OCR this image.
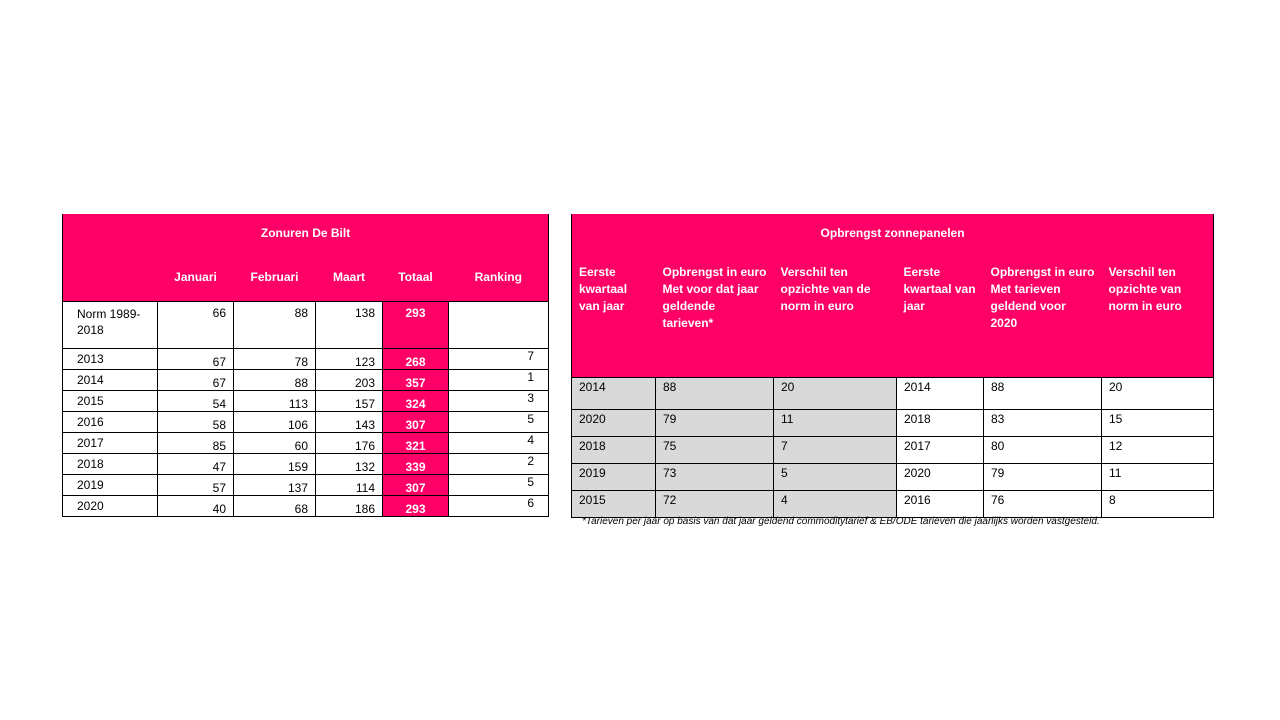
Zonuren De Bilt					
	Januari	Februari	Maart	Totaal	Ranking
Norm 1989-2018	66	88	138	293	
2013	67	78	123	268	7
2014	67	88	203	357	1
2015	54	113	157	324	3
2016	58	106	143	307	5
2017	85	60	176	321	4
2018	47	159	132	339	2
2019	57	137	114	307	5
2020	40	68	186	293	6
Opbrengst zonnepanelen					
Eerste kwartaal van jaar	Opbrengst in euro Met voor dat jaar geldende tarieven*	Verschil ten opzichte van de norm in euro	Eerste kwartaal van jaar	Opbrengst in euro Met tarieven geldend voor 2020	Verschil ten opzichte van norm in euro
2014	88	20	2014	88	20
2020	79	11	2018	83	15
2018	75	7	2017	80	12
2019	73	5	2020	79	11
2015	72	4	2016	76	8
*Tarieven per jaar op basis van dat jaar geldend commoditytarief & EB/ODE tarieven die jaarlijks worden vastgesteld.
